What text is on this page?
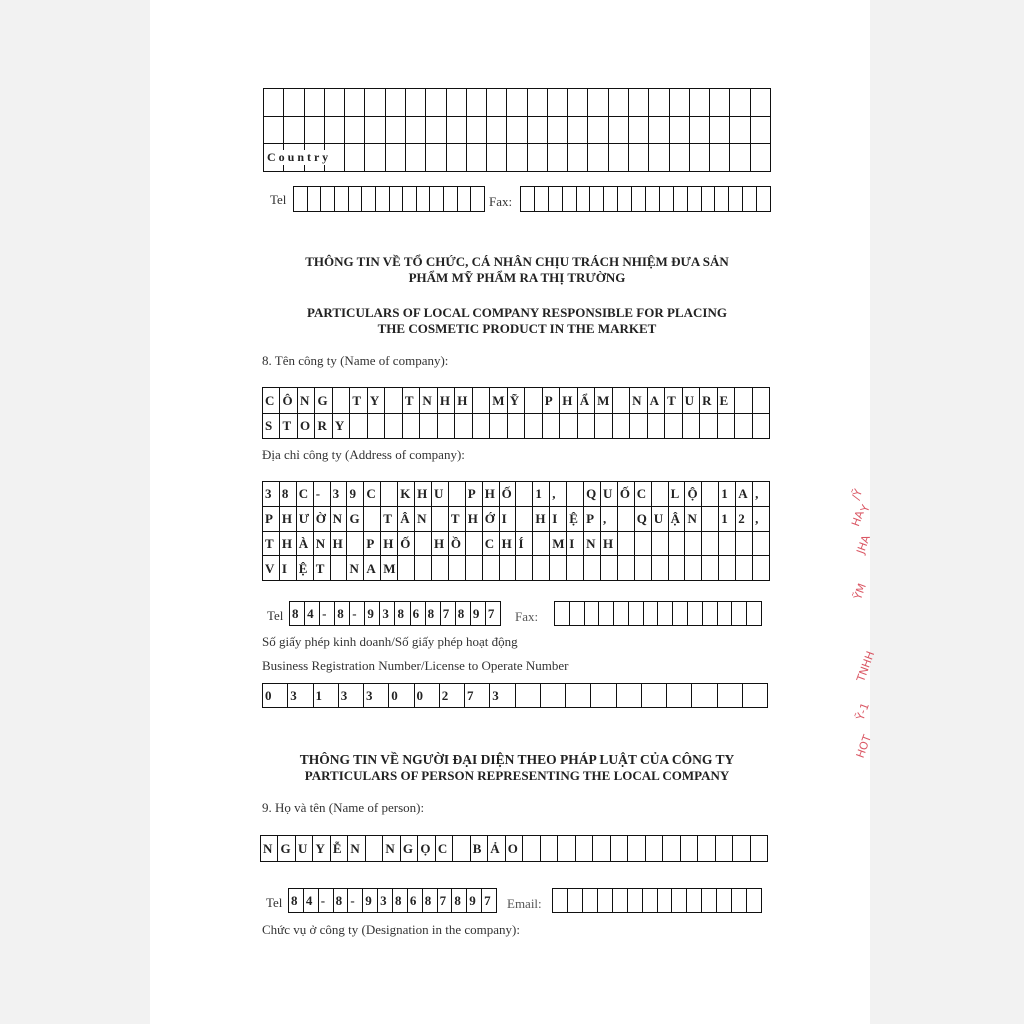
C o u n t r y
Tel	Fax:
THÔNG TIN VỀ TỔ CHỨC, CÁ NHÂN CHỊU TRÁCH NHIỆM ĐƯA SẢN PHẨM MỸ PHẨM RA THỊ TRƯỜNG
PARTICULARS OF LOCAL COMPANY RESPONSIBLE FOR PLACING THE COSMETIC PRODUCT IN THE MARKET
8. Tên công ty (Name of company):
C Ô N G	T Y	T N H H	M Ỹ	P H Ẩ M N A T U R E
S T O R Y
Địa chỉ công ty (Address of company):
3 8 C - 3 9 C	K H U	P H Ố	1 ,	Q U Ố C	L Ộ	1 A ,
P H Ư Ờ N G	T Â N	T H Ớ I	H I Ệ P ,	Q U Ậ N	1 2 ,
T H À N H	P H Ố	H Ồ	C H Í	M I N H
V I Ệ T	N A M
Tel 8 4 - 8 - 9 3 8 6 8 7 8 9 7	Fax:
Số giấy phép kinh doanh/Số giấy phép hoạt động
Business Registration Number/License to Operate Number
0	3	1	3	3	0	0	2	7	3
THÔNG TIN VỀ NGƯỜI ĐẠI DIỆN THEO PHÁP LUẬT CỦA CÔNG TY
PARTICULARS OF PERSON REPRESENTING THE LOCAL COMPANY
9. Họ và tên (Name of person):
N G U Y Ễ N	N G Ọ C	B Ả O
Tel 8 4 - 8 - 9 3 8 6 8 7 8 9 7	Email:
Chức vụ ở công ty (Designation in the company):
/Ỹ
HA
Y
JHA
ỸM
TNHH
Ỹ-1
HOT
